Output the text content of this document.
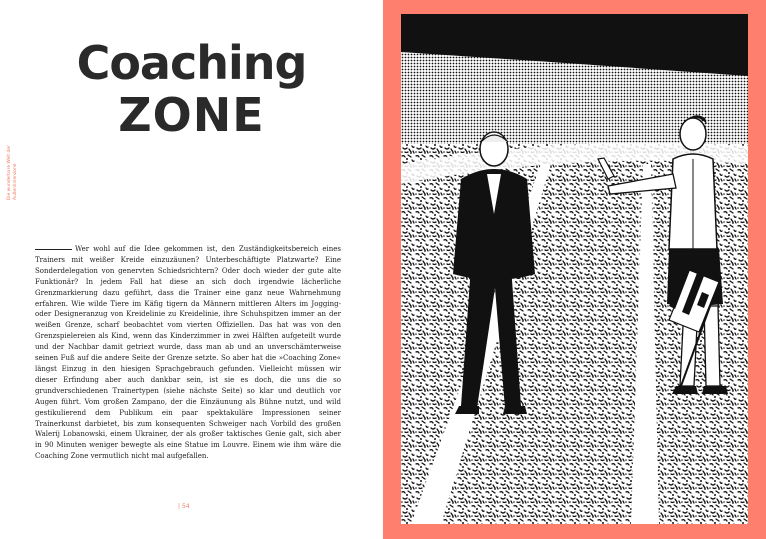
Die wunderbare Welt der Außenlinienzone
Coaching
ZONE

Wer wohl auf die Idee gekommen ist, den Zuständigkeitsbereich eines Trainers mit weißer Kreide einzuzäunen? Unterbeschäftigte Platzwarte? Eine Sonderdelegation von genervten Schiedsrichtern? Oder doch wieder der gute alte Funktionär? In jedem Fall hat diese an sich doch irgendwie lächerliche Grenzmarkierung dazu geführt, dass die Trainer eine ganz neue Wahrnehmung erfahren. Wie wilde Tiere im Käfig tigern da Männern mittleren Alters im Jogging- oder Designeranzug von Kreidelinie zu Kreidelinie, ihre Schuhspitzen immer an der weißen Grenze, scharf beobachtet vom vierten Offiziellen. Das hat was von den Grenzspielereien als Kind, wenn das Kinderzimmer in zwei Hälften aufgeteilt wurde und der Nachbar damit getriezt wurde, dass man ab und an unverschämterweise seinen Fuß auf die andere Seite der Grenze setzte. So aber hat die »Coaching Zone« längst Einzug in den hiesigen Sprachgebrauch gefunden. Vielleicht müssen wir dieser Erfindung aber auch dankbar sein, ist sie es doch, die uns die so grundverschiedenen Trainertypen (siehe nächste Seite) so klar und deutlich vor Augen führt. Vom großen Zampano, der die Einzäunung als Bühne nutzt, und wild gestikulierend dem Publikum ein paar spektakuläre Impressionen seiner Trainerkunst darbietet, bis zum konsequenten Schweiger nach Vorbild des großen Walerij Lobanowski, einem Ukrainer, der als großer taktisches Genie galt, sich aber in 90 Minuten weniger bewegte als eine Statue im Louvre. Einem wie ihm wäre die Coaching Zone vermutlich nicht mal aufgefallen.

| 54
